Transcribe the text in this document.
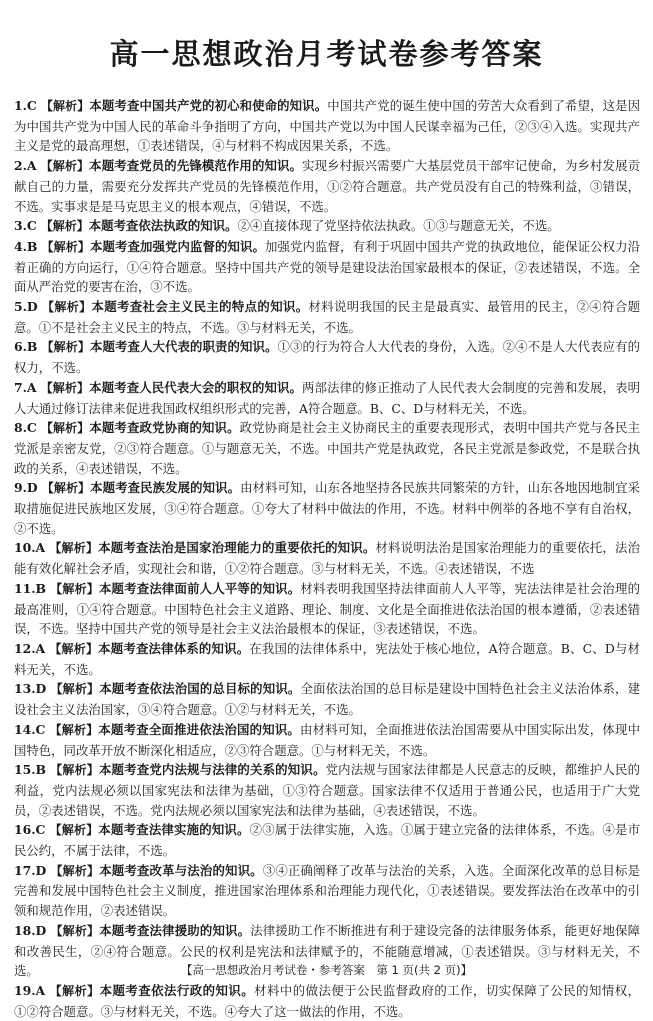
高一思想政治月考试卷参考答案

1.C 【解析】本题考查中国共产党的初心和使命的知识。中国共产党的诞生使中国的劳苦大众看到了希望，这是因为中国共产党为中国人民的革命斗争指明了方向，中国共产党以为中国人民谋幸福为己任，②③④入选。实现共产主义是党的最高理想，①表述错误，④与材料不构成因果关系，不选。

2.A 【解析】本题考查党员的先锋模范作用的知识。实现乡村振兴需要广大基层党员干部牢记使命，为乡村发展贡献自己的力量，需要充分发挥共产党员的先锋模范作用，①②符合题意。共产党员没有自己的特殊利益，③错误，不选。实事求是是马克思主义的根本观点，④错误，不选。

3.C 【解析】本题考查依法执政的知识。②④直接体现了党坚持依法执政。①③与题意无关，不选。

4.B 【解析】本题考查加强党内监督的知识。加强党内监督，有利于巩固中国共产党的执政地位，能保证公权力沿着正确的方向运行，①④符合题意。坚持中国共产党的领导是建设法治国家最根本的保证，②表述错误，不选。全面从严治党的要害在治，③不选。

5.D 【解析】本题考查社会主义民主的特点的知识。材料说明我国的民主是最真实、最管用的民主，②④符合题意。①不是社会主义民主的特点，不选。③与材料无关，不选。

6.B 【解析】本题考查人大代表的职责的知识。①③的行为符合人大代表的身份，入选。②④不是人大代表应有的权力，不选。

7.A 【解析】本题考查人民代表大会的职权的知识。两部法律的修正推动了人民代表大会制度的完善和发展，表明人大通过修订法律来促进我国政权组织形式的完善，A符合题意。B、C、D与材料无关，不选。

8.C 【解析】本题考查政党协商的知识。政党协商是社会主义协商民主的重要表现形式，表明中国共产党与各民主党派是亲密友党，②③符合题意。①与题意无关，不选。中国共产党是执政党，各民主党派是参政党，不是联合执政的关系，④表述错误，不选。

9.D 【解析】本题考查民族发展的知识。由材料可知，山东各地坚持各民族共同繁荣的方针，山东各地因地制宜采取措施促进民族地区发展，③④符合题意。①夸大了材料中做法的作用，不选。材料中例举的各地不享有自治权，②不选。

10.A 【解析】本题考查法治是国家治理能力的重要依托的知识。材料说明法治是国家治理能力的重要依托，法治能有效化解社会矛盾，实现社会和谐，①②符合题意。③与材料无关，不选。④表述错误，不选

11.B 【解析】本题考查法律面前人人平等的知识。材料表明我国坚持法律面前人人平等，宪法法律是社会治理的最高准则，①④符合题意。中国特色社会主义道路、理论、制度、文化是全面推进依法治国的根本遵循，②表述错误，不选。坚持中国共产党的领导是社会主义法治最根本的保证，③表述错误，不选。

12.A 【解析】本题考查法律体系的知识。在我国的法律体系中，宪法处于核心地位，A符合题意。B、C、D与材料无关，不选。

13.D 【解析】本题考查依法治国的总目标的知识。全面依法治国的总目标是建设中国特色社会主义法治体系，建设社会主义法治国家，③④符合题意。①②与材料无关，不选。

14.C 【解析】本题考查全面推进依法治国的知识。由材料可知，全面推进依法治国需要从中国实际出发，体现中国特色，同改革开放不断深化相适应，②③符合题意。①与材料无关，不选。

15.B 【解析】本题考查党内法规与法律的关系的知识。党内法规与国家法律都是人民意志的反映，都维护人民的利益，党内法规必须以国家宪法和法律为基础，①③符合题意。国家法律不仅适用于普通公民，也适用于广大党员，②表述错误，不选。党内法规必须以国家宪法和法律为基础，④表述错误，不选。

16.C 【解析】本题考查法律实施的知识。②③属于法律实施，入选。①属于建立完备的法律体系，不选。④是市民公约，不属于法律，不选。

17.D 【解析】本题考查改革与法治的知识。③④正确阐释了改革与法治的关系，入选。全面深化改革的总目标是完善和发展中国特色社会主义制度，推进国家治理体系和治理能力现代化，①表述错误。要发挥法治在改革中的引领和规范作用，②表述错误。

18.D 【解析】本题考查法律援助的知识。法律援助工作不断推进有利于建设完备的法律服务体系，能更好地保障和改善民生，②④符合题意。公民的权利是宪法和法律赋予的，不能随意增减，①表述错误。③与材料无关，不选。

19.A 【解析】本题考查依法行政的知识。材料中的做法便于公民监督政府的工作，切实保障了公民的知情权，①②符合题意。③与材料无关，不选。④夸大了这一做法的作用，不选。

【高一思想政治月考试卷・参考答案　第 1 页(共 2 页)】
